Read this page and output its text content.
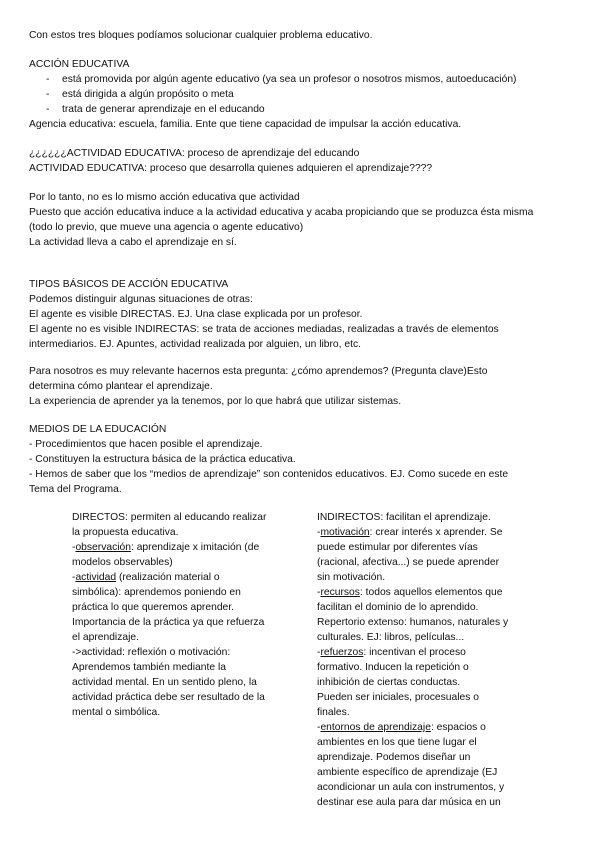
Con estos tres bloques podíamos solucionar cualquier problema educativo.

ACCIÓN EDUCATIVA
- está promovida por algún agente educativo (ya sea un profesor o nosotros mismos, autoeducación)
- está dirigida a algún propósito o meta
- trata de generar aprendizaje en el educando
Agencia educativa: escuela, familia. Ente que tiene capacidad de impulsar la acción educativa.
¿¿¿¿¿¿ACTIVIDAD EDUCATIVA: proceso de aprendizaje del educando
ACTIVIDAD EDUCATIVA: proceso que desarrolla quienes adquieren el aprendizaje????
Por lo tanto, no es lo mismo acción educativa que actividad
Puesto que acción educativa induce a la actividad educativa y acaba propiciando que se produzca ésta misma
(todo lo previo, que mueve una agencia o agente educativo)
La actividad lleva a cabo el aprendizaje en sí.
TIPOS BÁSICOS DE ACCIÓN EDUCATIVA
Podemos distinguir algunas situaciones de otras:
El agente es visible DIRECTAS. EJ. Una clase explicada por un profesor.
El agente no es visible INDIRECTAS: se trata de acciones mediadas, realizadas a través de elementos
intermediarios. EJ. Apuntes, actividad realizada por alguien, un libro, etc.
Para nosotros es muy relevante hacernos esta pregunta: ¿cómo aprendemos? (Pregunta clave)Esto
determina cómo plantear el aprendizaje.
La experiencia de aprender ya la tenemos, por lo que habrá que utilizar sistemas.
MEDIOS DE LA EDUCACIÓN
- Procedimientos que hacen posible el aprendizaje.
- Constituyen la estructura básica de la práctica educativa.
- Hemos de saber que los “medios de aprendizaje” son contenidos educativos. EJ. Como sucede en este
Tema del Programa.
DIRECTOS: permiten al educando realizar
la propuesta educativa.
-observación: aprendizaje x imitación (de
modelos observables)
-actividad (realización material o
simbólica): aprendemos poniendo en
práctica lo que queremos aprender.
Importancia de la práctica ya que refuerza
el aprendizaje.
->actividad: reflexión o motivación:
Aprendemos también mediante la
actividad mental. En un sentido pleno, la
actividad práctica debe ser resultado de la
mental o simbólica.
INDIRECTOS: facilitan el aprendizaje.
-motivación: crear interés x aprender. Se
puede estimular por diferentes vías
(racional, afectiva...) se puede aprender
sin motivación.
-recursos: todos aquellos elementos que
facilitan el dominio de lo aprendido.
Repertorio extenso: humanos, naturales y
culturales. EJ: libros, películas...
-refuerzos: incentivan el proceso
formativo. Inducen la repetición o
inhibición de ciertas conductas.
Pueden ser iniciales, procesuales o
finales.
-entornos de aprendizaje: espacios o
ambientes en los que tiene lugar el
aprendizaje. Podemos diseñar un
ambiente específico de aprendizaje (EJ
acondicionar un aula con instrumentos, y
destinar ese aula para dar música en un
